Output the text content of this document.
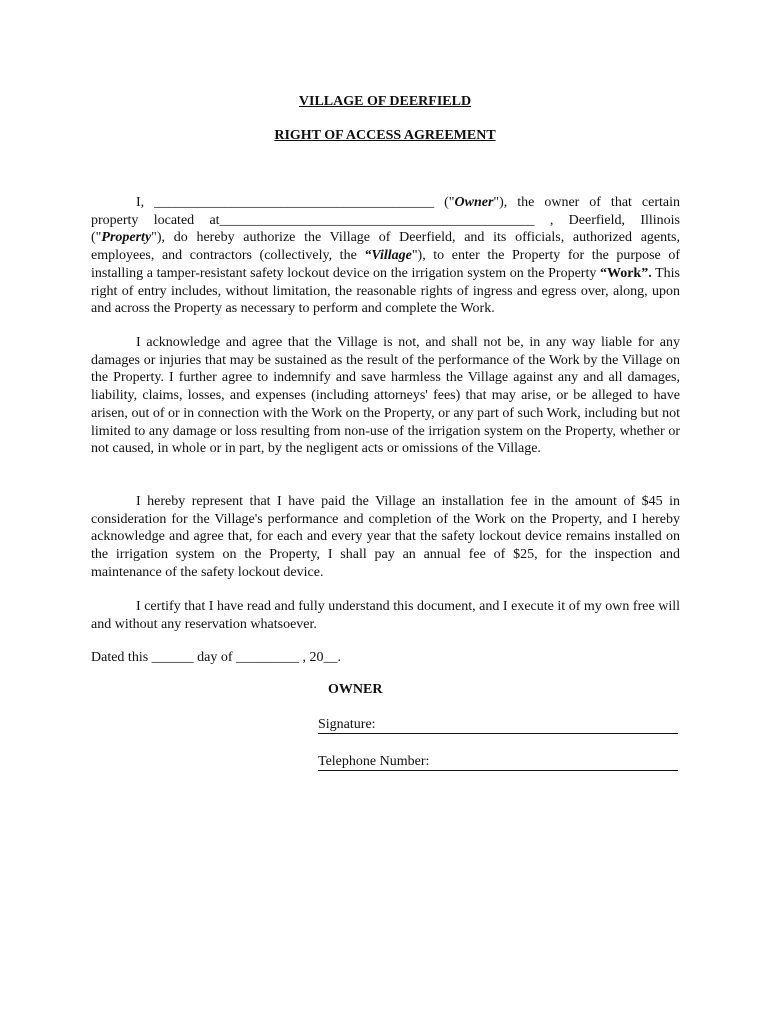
VILLAGE OF DEERFIELD
RIGHT OF ACCESS AGREEMENT
I, ________________________________________ ("Owner"), the owner of that certain property located at_____________________________________________ , Deerfield, Illinois ("Property"), do hereby authorize the Village of Deerfield, and its officials, authorized agents, employees, and contractors (collectively, the “Village"), to enter the Property for the purpose of installing a tamper-resistant safety lockout device on the irrigation system on the Property “Work”. This right of entry includes, without limitation, the reasonable rights of ingress and egress over, along, upon and across the Property as necessary to perform and complete the Work.
I acknowledge and agree that the Village is not, and shall not be, in any way liable for any damages or injuries that may be sustained as the result of the performance of the Work by the Village on the Property. I further agree to indemnify and save harmless the Village against any and all damages, liability, claims, losses, and expenses (including attorneys' fees) that may arise, or be alleged to have arisen, out of or in connection with the Work on the Property, or any part of such Work, including but not limited to any damage or loss resulting from non-use of the irrigation system on the Property, whether or not caused, in whole or in part, by the negligent acts or omissions of the Village.
I hereby represent that I have paid the Village an installation fee in the amount of $45 in consideration for the Village's performance and completion of the Work on the Property, and I hereby acknowledge and agree that, for each and every year that the safety lockout device remains installed on the irrigation system on the Property, I shall pay an annual fee of $25, for the inspection and maintenance of the safety lockout device.
I certify that I have read and fully understand this document, and I execute it of my own free will and without any reservation whatsoever.
Dated this ______ day of _________ , 20__.
OWNER
Signature:
Telephone Number:
